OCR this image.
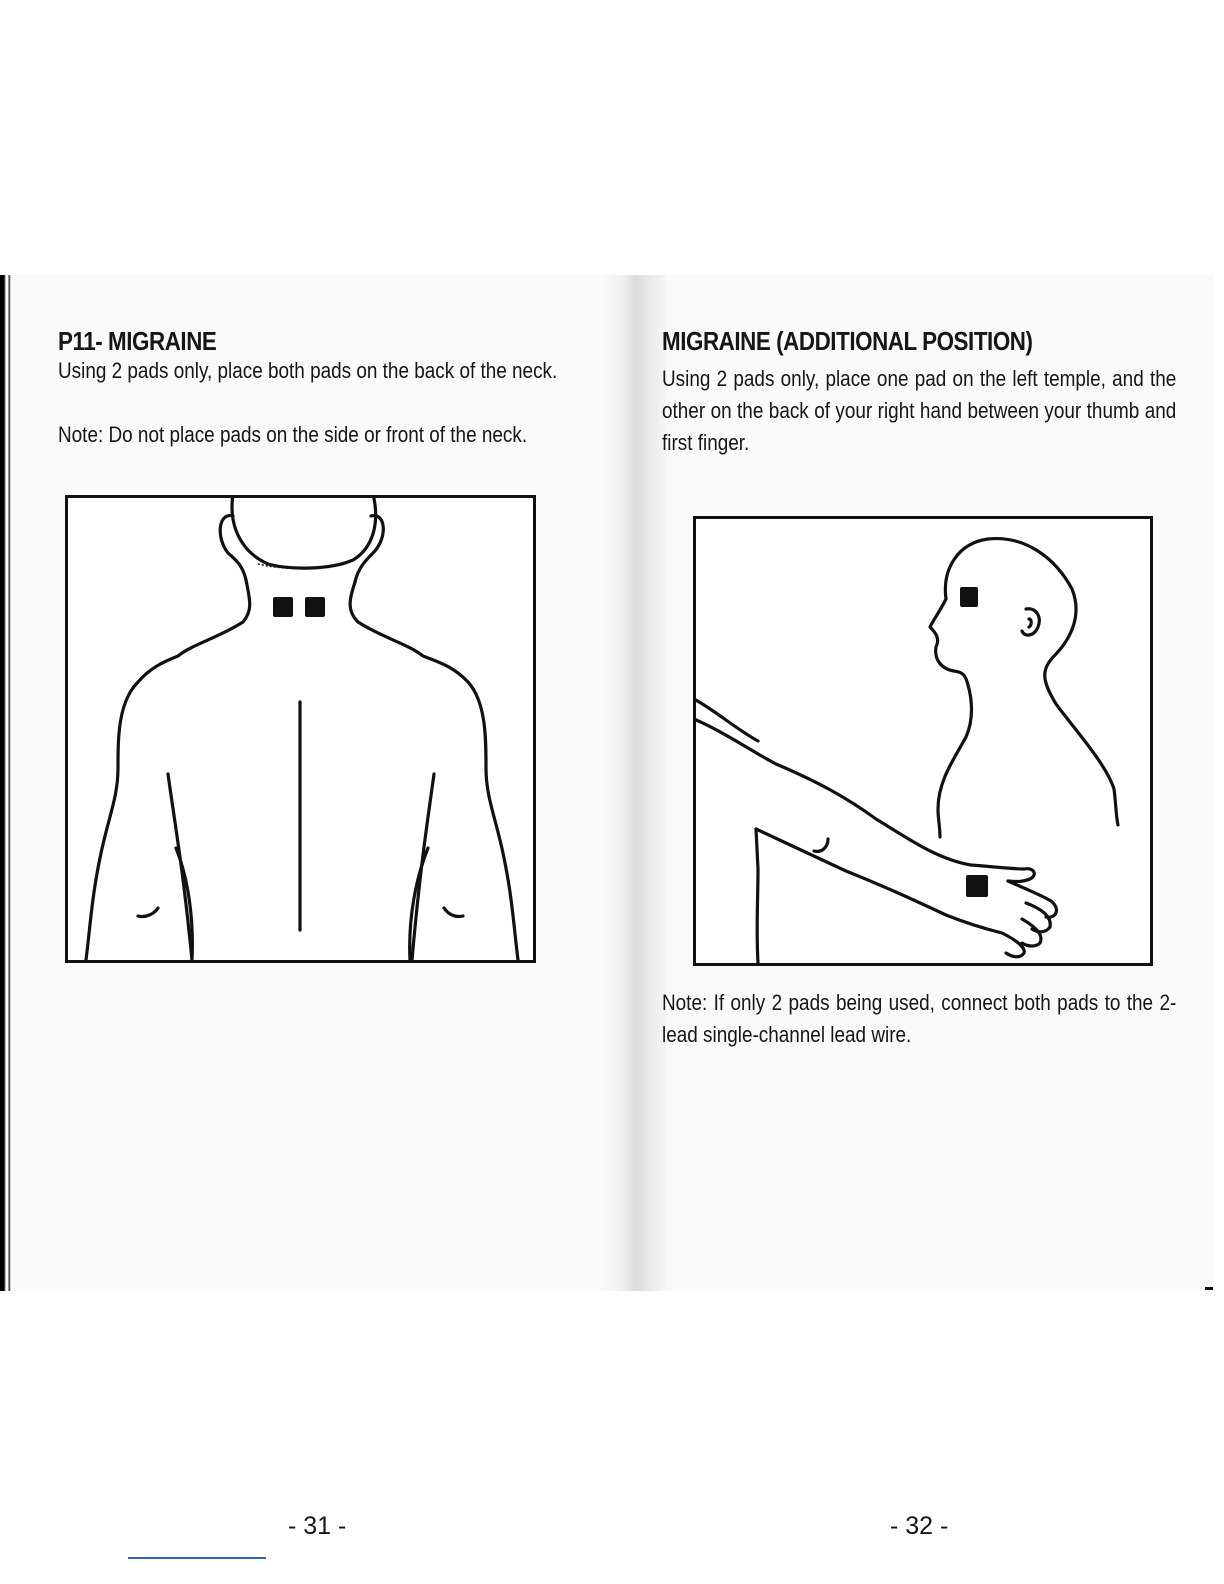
P11- MIGRAINE

Using 2 pads only, place both pads on the back of the neck.

Note: Do not place pads on the side or front of the neck.

- 31 -

MIGRAINE (ADDITIONAL POSITION)

Using 2 pads only, place one pad on the left temple, and the other on the back of your right hand between your thumb and first finger.

Note: If only 2 pads being used, connect both pads to the 2-lead single-channel lead wire.

- 32 -
